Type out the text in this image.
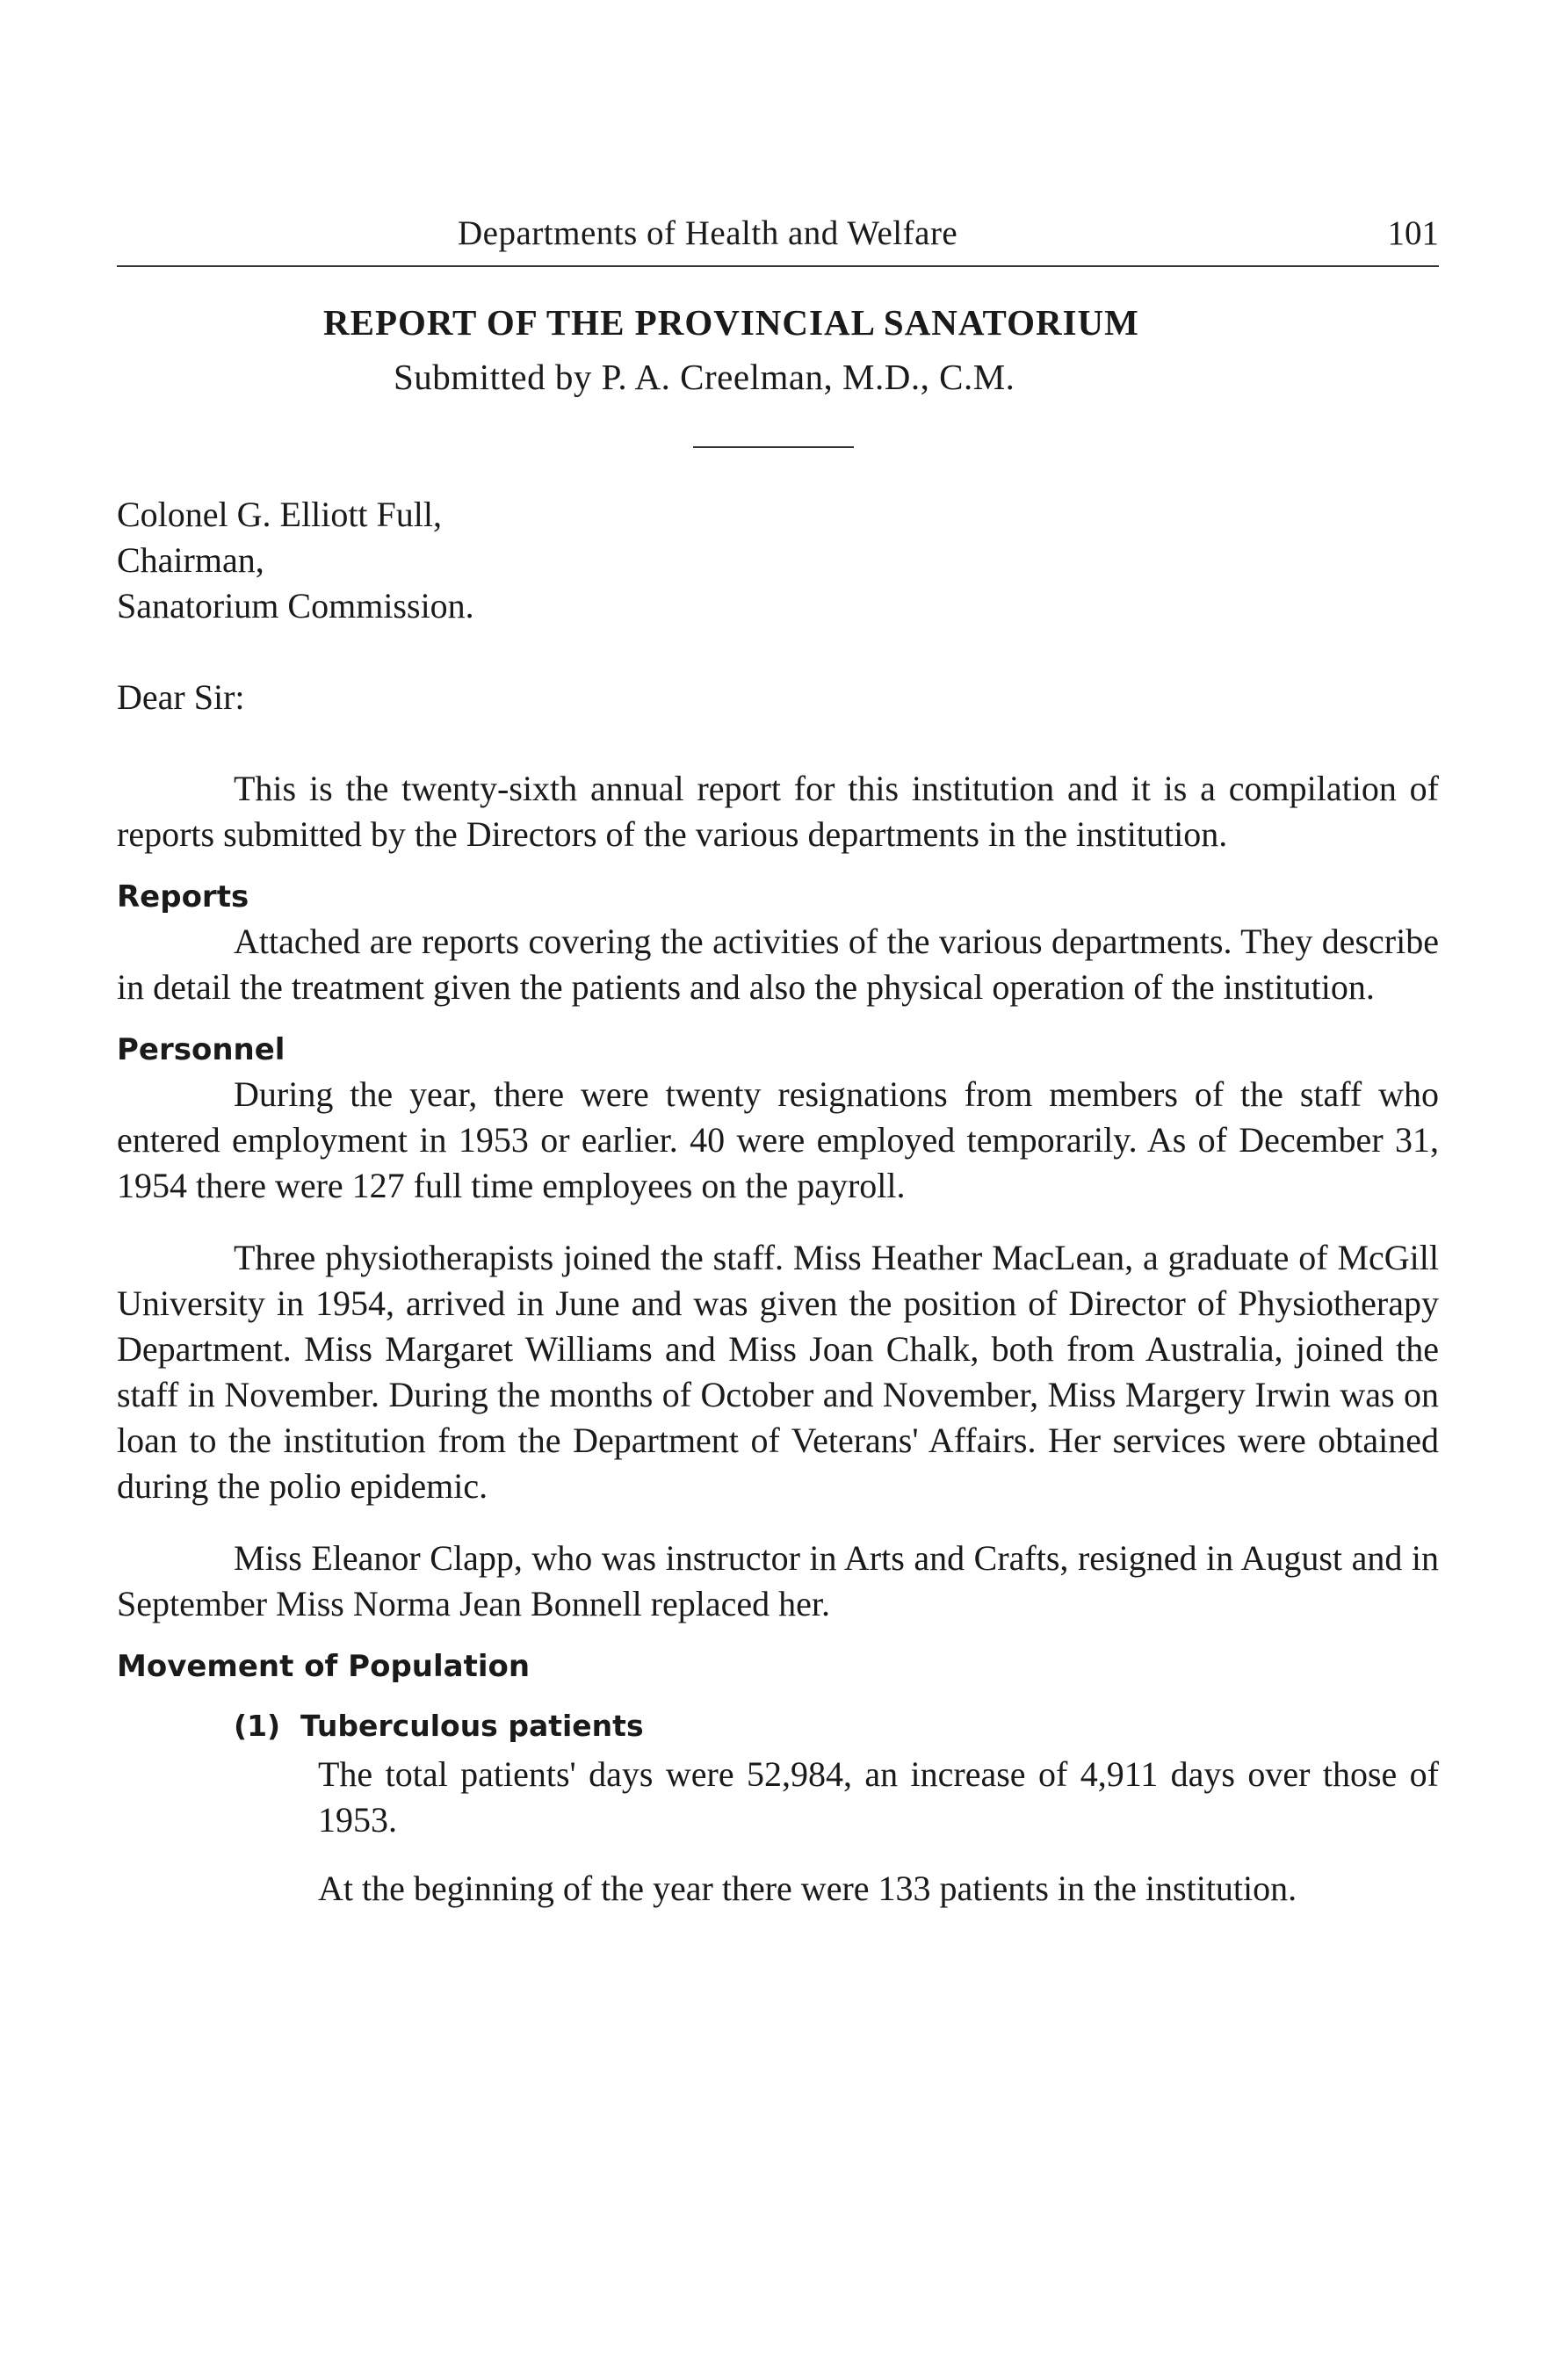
Departments of Health and Welfare	101
REPORT OF THE PROVINCIAL SANATORIUM
Submitted by P. A. Creelman, M.D., C.M.
Colonel G. Elliott Full,
Chairman,
Sanatorium Commission.
Dear Sir:

This is the twenty-sixth annual report for this institution and it is a compilation of reports submitted by the Directors of the various departments in the institution.

Reports

Attached are reports covering the activities of the various departments. They describe in detail the treatment given the patients and also the physical operation of the institution.

Personnel

During the year, there were twenty resignations from members of the staff who entered employment in 1953 or earlier. 40 were employed temporarily. As of December 31, 1954 there were 127 full time employees on the payroll.

Three physiotherapists joined the staff. Miss Heather MacLean, a graduate of McGill University in 1954, arrived in June and was given the position of Director of Physiotherapy Department. Miss Margaret Williams and Miss Joan Chalk, both from Australia, joined the staff in November. During the months of October and November, Miss Margery Irwin was on loan to the institution from the Department of Veterans' Affairs. Her services were obtained during the polio epidemic.

Miss Eleanor Clapp, who was instructor in Arts and Crafts, resigned in August and in September Miss Norma Jean Bonnell replaced her.

Movement of Population
(1) Tuberculous patients

The total patients' days were 52,984, an increase of 4,911 days over those of 1953.

At the beginning of the year there were 133 patients in the institution.
